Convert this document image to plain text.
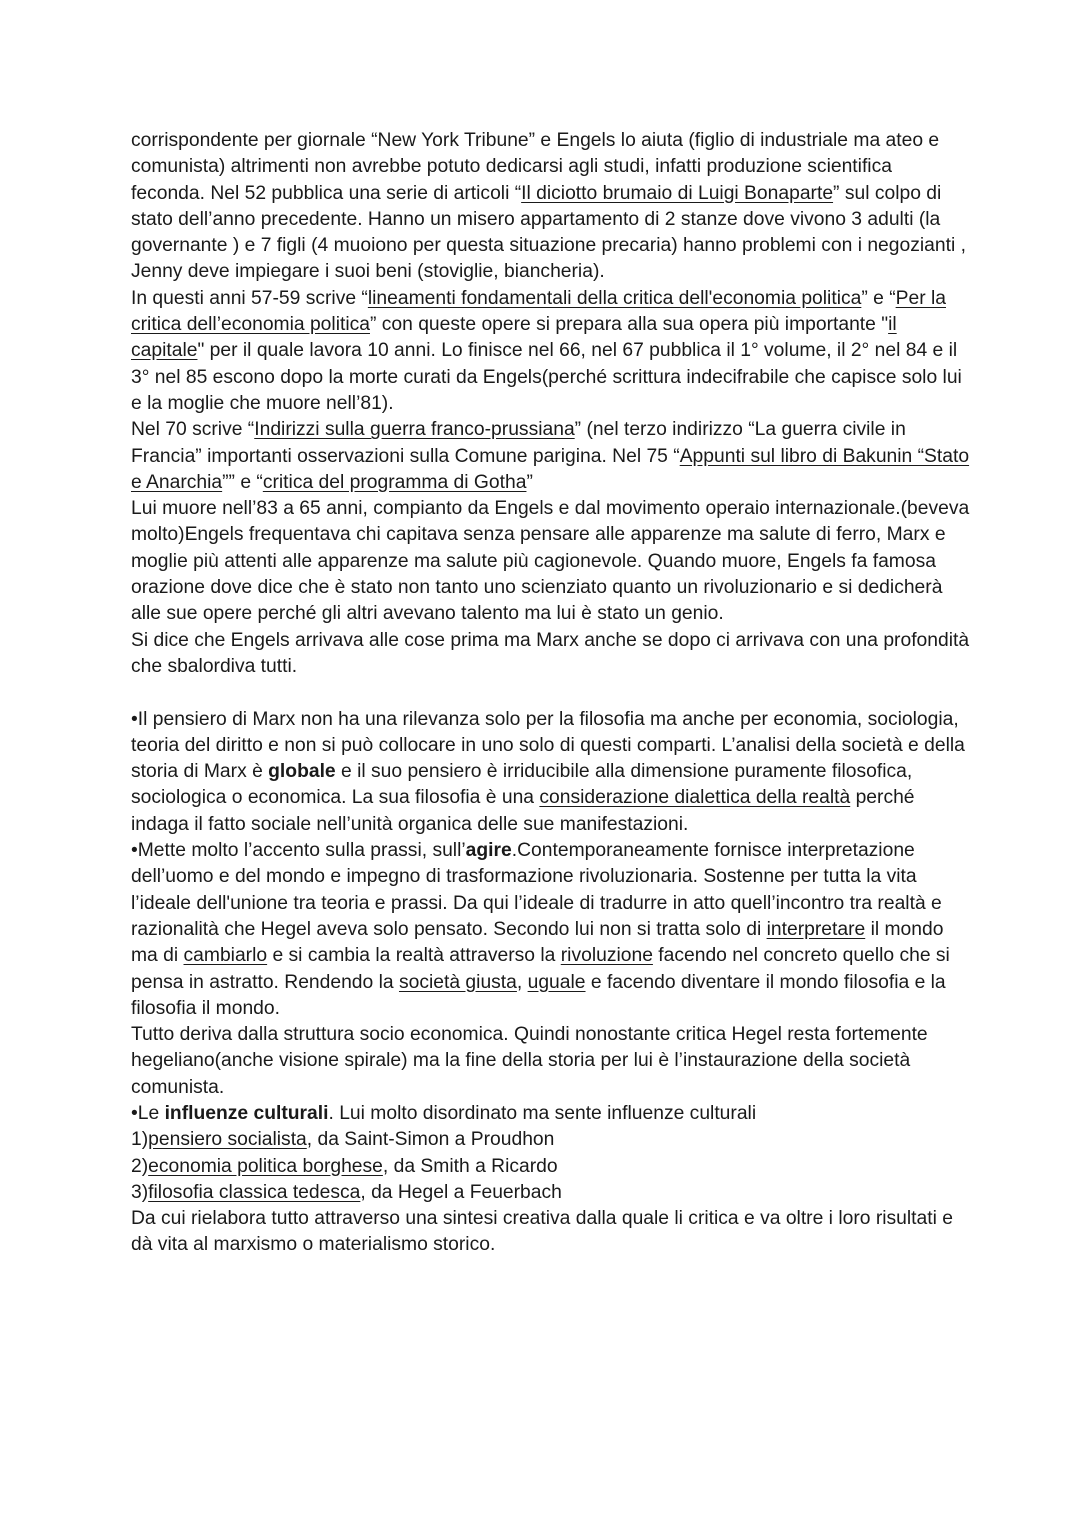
corrispondente per giornale “New York Tribune” e Engels lo aiuta (figlio di industriale ma ateo e comunista) altrimenti non avrebbe potuto dedicarsi agli studi, infatti produzione scientifica feconda. Nel 52 pubblica una serie di articoli “Il diciotto brumaio di Luigi Bonaparte” sul colpo di stato dell’anno precedente. Hanno un misero appartamento di 2 stanze dove vivono 3 adulti (la governante ) e 7 figli (4 muoiono per questa situazione precaria) hanno problemi con i negozianti , Jenny deve impiegare i suoi beni (stoviglie, biancheria).

In questi anni 57-59 scrive “lineamenti fondamentali della critica dell'economia politica” e “Per la critica dell’economia politica” con queste opere si prepara alla sua opera più importante "il capitale" per il quale lavora 10 anni. Lo finisce nel 66, nel 67 pubblica il 1° volume, il 2° nel 84 e il 3° nel 85 escono dopo la morte curati da Engels(perché scrittura indecifrabile che capisce solo lui e la moglie che muore nell’81).

Nel 70 scrive “Indirizzi sulla guerra franco-prussiana” (nel terzo indirizzo “La guerra civile in Francia” importanti osservazioni sulla Comune parigina. Nel 75 “Appunti sul libro di Bakunin “Stato e Anarchia”” e “critica del programma di Gotha”

Lui muore nell’83 a 65 anni, compianto da Engels e dal movimento operaio internazionale.(beveva molto)Engels frequentava chi capitava senza pensare alle apparenze ma salute di ferro, Marx e moglie più attenti alle apparenze ma salute più cagionevole. Quando muore, Engels fa famosa orazione dove dice che è stato non tanto uno scienziato quanto un rivoluzionario e si dedicherà alle sue opere perché gli altri avevano talento ma lui è stato un genio.

Si dice che Engels arrivava alle cose prima ma Marx anche se dopo ci arrivava con una profondità che sbalordiva tutti.

•Il pensiero di Marx non ha una rilevanza solo per la filosofia ma anche per economia, sociologia, teoria del diritto e non si può collocare in uno solo di questi comparti. L’analisi della società e della storia di Marx è globale e il suo pensiero è irriducibile alla dimensione puramente filosofica, sociologica o economica. La sua filosofia è una considerazione dialettica della realtà perché indaga il fatto sociale nell’unità organica delle sue manifestazioni.

•Mette molto l’accento sulla prassi, sull’agire.Contemporaneamente fornisce interpretazione dell’uomo e del mondo e impegno di trasformazione rivoluzionaria. Sostenne per tutta la vita l’ideale dell'unione tra teoria e prassi. Da qui l’ideale di tradurre in atto quell’incontro tra realtà e razionalità che Hegel aveva solo pensato. Secondo lui non si tratta solo di interpretare il mondo ma di cambiarlo e si cambia la realtà attraverso la rivoluzione facendo nel concreto quello che si pensa in astratto. Rendendo la società giusta, uguale e facendo diventare il mondo filosofia e la filosofia il mondo.

Tutto deriva dalla struttura socio economica. Quindi nonostante critica Hegel resta fortemente hegeliano(anche visione spirale) ma la fine della storia per lui è l’instaurazione della società comunista.

•Le influenze culturali. Lui molto disordinato ma sente influenze culturali

1)pensiero socialista, da Saint-Simon a Proudhon

2)economia politica borghese, da Smith a Ricardo

3)filosofia classica tedesca, da Hegel a Feuerbach

Da cui rielabora tutto attraverso una sintesi creativa dalla quale li critica e va oltre i loro risultati e dà vita al marxismo o materialismo storico.
